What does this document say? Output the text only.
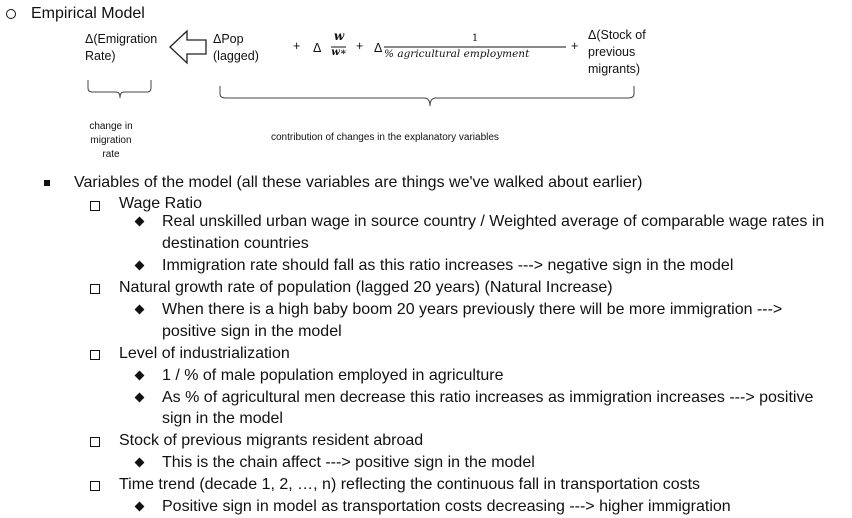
Empirical Model
Δ(Emigration
Rate)
ΔPop
(lagged)
+ Δ
w
w∗ + Δ
1
% agricultural employment
+
Δ(Stock of
previous
migrants)
change in
migration
rate
contribution of changes in the explanatory variables
Variables of the model (all these variables are things we've walked about earlier)
Wage Ratio
Real unskilled urban wage in source country / Weighted average of comparable wage rates in
destination countries
Immigration rate should fall as this ratio increases ---> negative sign in the model
Natural growth rate of population (lagged 20 years) (Natural Increase)
When there is a high baby boom 20 years previously there will be more immigration --->
positive sign in the model
Level of industrialization
1 / % of male population employed in agriculture
As % of agricultural men decrease this ratio increases as immigration increases ---> positive
sign in the model
Stock of previous migrants resident abroad
This is the chain affect ---> positive sign in the model
Time trend (decade 1, 2, …, n) reflecting the continuous fall in transportation costs
Positive sign in model as transportation costs decreasing ---> higher immigration
